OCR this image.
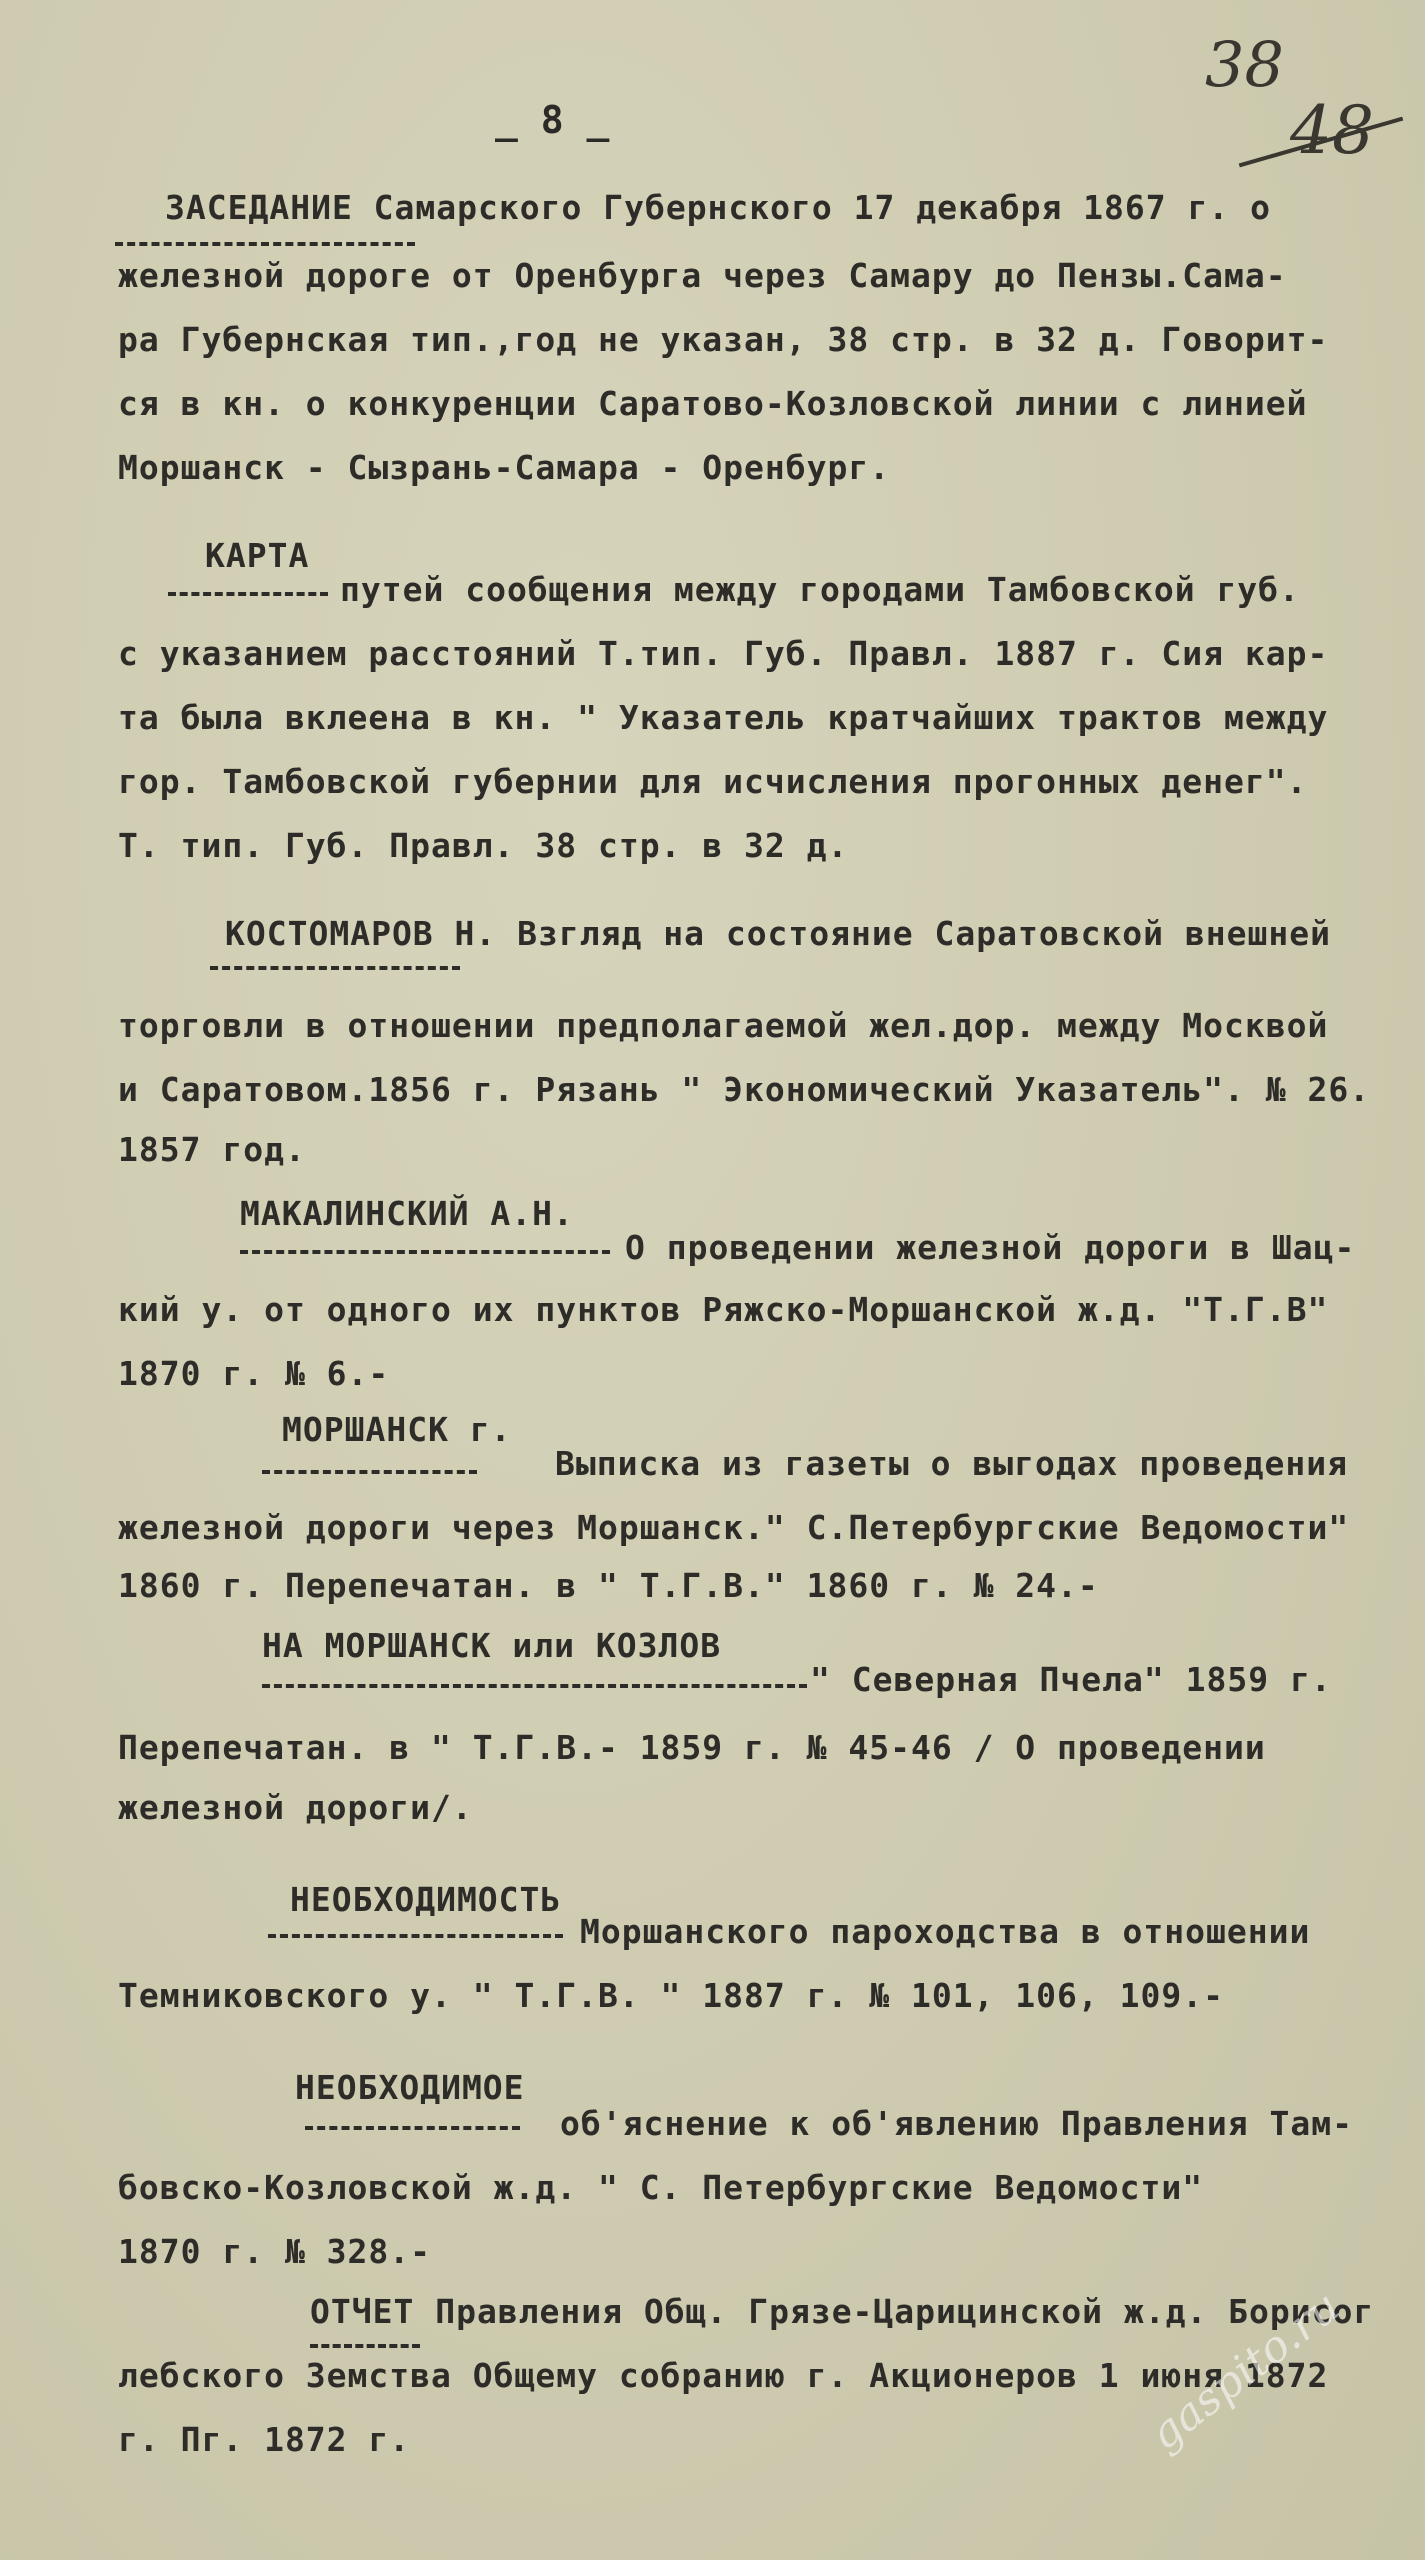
_ 8 _
38
48
ЗАСЕДАНИЕ Самарского Губернского 17 декабря 1867 г. о
железной дороге от Оренбурга через Самару до Пензы.Сама-
ра Губернская тип.,год не указан, 38 стр. в 32 д. Говорит-
ся в кн. о конкуренции Саратово-Козловской линии с линией
Моршанск - Сызрань-Самара - Оренбург.
КАРТА
путей сообщения между городами Тамбовской губ.
с указанием расстояний Т.тип. Губ. Правл. 1887 г. Сия кар-
та была вклеена в кн. " Указатель кратчайших трактов между
гор. Тамбовской губернии для исчисления прогонных денег".
Т. тип. Губ. Правл. 38 стр. в 32 д.
КОСТОМАРОВ Н. Взгляд на состояние Саратовской внешней
торговли в отношении предполагаемой жел.дор. между Москвой
и Саратовом.1856 г. Рязань " Экономический Указатель". № 26.
1857 год.
МАКАЛИНСКИЙ А.Н.
О проведении железной дороги в Шац-
кий у. от одного их пунктов Ряжско-Моршанской ж.д. "Т.Г.В"
1870 г. № 6.-
МОРШАНСК г.
Выписка из газеты о выгодах проведения
железной дороги через Моршанск." С.Петербургские Ведомости"
1860 г. Перепечатан. в " Т.Г.В." 1860 г. № 24.-
НА МОРШАНСК или КОЗЛОВ
" Северная Пчела" 1859 г.
Перепечатан. в " Т.Г.В.- 1859 г. № 45-46 / О проведении
железной дороги/.
НЕОБХОДИМОСТЬ
Моршанского пароходства в отношении
Темниковского у. " Т.Г.В. " 1887 г. № 101, 106, 109.-
НЕОБХОДИМОЕ
об'яснение к об'явлению Правления Там-
бовско-Козловской ж.д. " С. Петербургские Ведомости"
1870 г. № 328.-
ОТЧЕТ Правления Общ. Грязе-Царицинской ж.д. Борисог
лебского Земства Общему собранию г. Акционеров 1 июня 1872
г. Пг. 1872 г.	gaspito.ru
